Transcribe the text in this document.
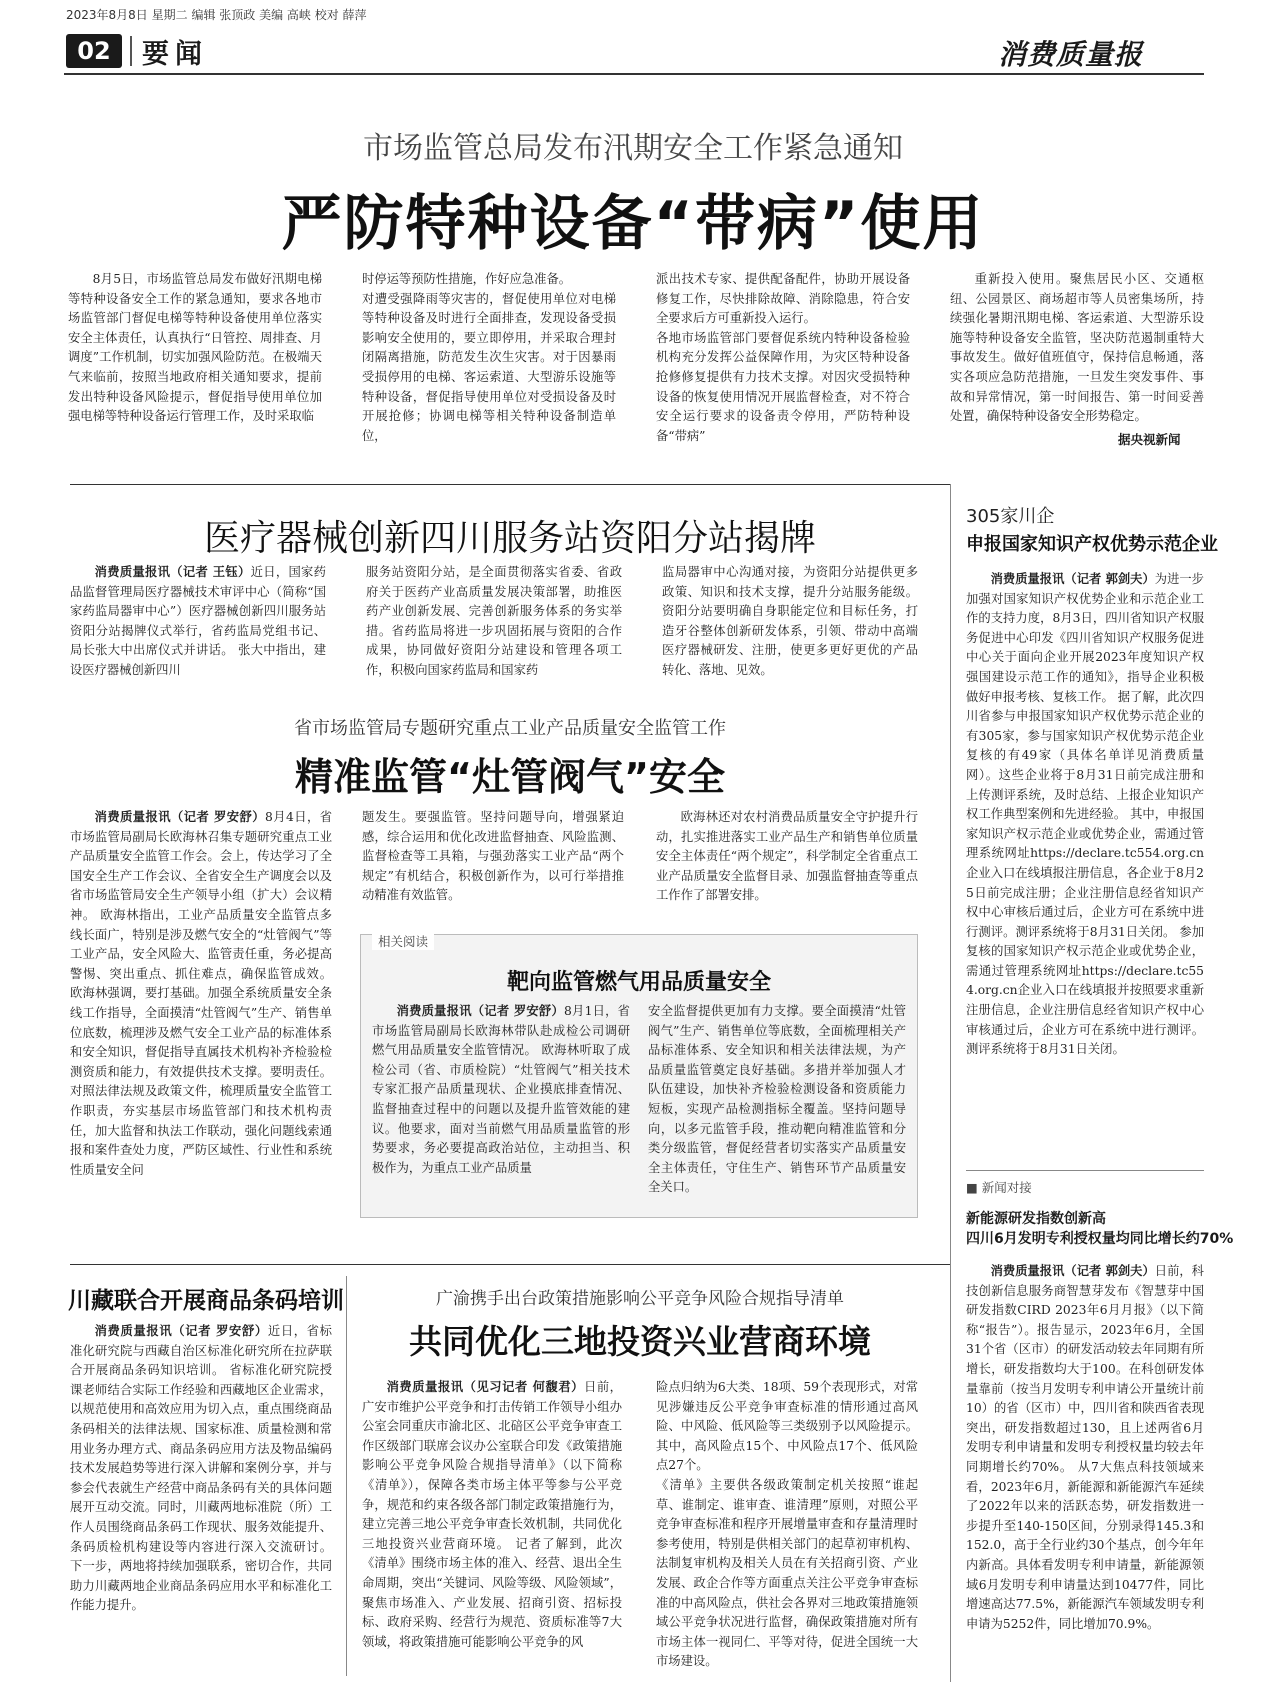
2023年8月8日 星期二 编辑 张顶政 美编 高峡 校对 薛萍
02	要闻	消费质量报
市场监管总局发布汛期安全工作紧急通知
严防特种设备“带病”使用

8月5日，市场监管总局发布做好汛期电梯等特种设备安全工作的紧急通知，要求各地市场监管部门督促电梯等特种设备使用单位落实安全主体责任，认真执行“日管控、周排查、月调度”工作机制，切实加强风险防范。在极端天气来临前，按照当地政府相关通知要求，提前发出特种设备风险提示，督促指导使用单位加强电梯等特种设备运行管理工作，及时采取临

时停运等预防性措施，作好应急准备。
对遭受强降雨等灾害的，督促使用单位对电梯等特种设备及时进行全面排查，发现设备受损影响安全使用的，要立即停用，并采取合理封闭隔离措施，防范发生次生灾害。对于因暴雨受损停用的电梯、客运索道、大型游乐设施等特种设备，督促指导使用单位对受损设备及时开展抢修；协调电梯等相关特种设备制造单位，
派出技术专家、提供配备配件，协助开展设备修复工作，尽快排除故障、消除隐患，符合安全要求后方可重新投入运行。
各地市场监管部门要督促系统内特种设备检验机构充分发挥公益保障作用，为灾区特种设备抢修修复提供有力技术支撑。对因灾受损特种设备的恢复使用情况开展监督检查，对不符合安全运行要求的设备责令停用，严防特种设备“带病”

重新投入使用。聚焦居民小区、交通枢纽、公园景区、商场超市等人员密集场所，持续强化暑期汛期电梯、客运索道、大型游乐设施等特种设备安全监管，坚决防范遏制重特大事故发生。做好值班值守，保持信息畅通，落实各项应急防范措施，一旦发生突发事件、事故和异常情况，第一时间报告、第一时间妥善处置，确保特种设备安全形势稳定。

据央视新闻
医疗器械创新四川服务站资阳分站揭牌

消费质量报讯（记者 王钰）近日，国家药品监督管理局医疗器械技术审评中心（简称“国家药监局器审中心”）医疗器械创新四川服务站资阳分站揭牌仪式举行，省药监局党组书记、局长张大中出席仪式并讲话。 张大中指出，建设医疗器械创新四川

服务站资阳分站，是全面贯彻落实省委、省政府关于医药产业高质量发展决策部署，助推医药产业创新发展、完善创新服务体系的务实举措。省药监局将进一步巩固拓展与资阳的合作成果，协同做好资阳分站建设和管理各项工作，积极向国家药监局和国家药
监局器审中心沟通对接，为资阳分站提供更多政策、知识和技术支撑，提升分站服务能级。资阳分站要明确自身职能定位和目标任务，打造牙谷整体创新研发体系，引领、带动中高端医疗器械研发、注册，使更多更好更优的产品转化、落地、见效。
省市场监管局专题研究重点工业产品质量安全监管工作
精准监管“灶管阀气”安全

消费质量报讯（记者 罗安舒）8月4日，省市场监管局副局长欧海林召集专题研究重点工业产品质量安全监管工作会。会上，传达学习了全国安全生产工作会议、全省安全生产调度会以及省市场监管局安全生产领导小组（扩大）会议精神。 欧海林指出，工业产品质量安全监管点多线长面广，特别是涉及燃气安全的“灶管阀气”等工业产品，安全风险大、监管责任重，务必提高警惕、突出重点、抓住难点，确保监管成效。 欧海林强调，要打基础。加强全系统质量安全条线工作指导，全面摸清“灶管阀气”生产、销售单位底数，梳理涉及燃气安全工业产品的标准体系和安全知识，督促指导直属技术机构补齐检验检测资质和能力，有效提供技术支撑。要明责任。对照法律法规及政策文件，梳理质量安全监管工作职责，夯实基层市场监管部门和技术机构责任，加大监督和执法工作联动，强化问题线索通报和案件查处力度，严防区域性、行业性和系统性质量安全问

题发生。要强监管。坚持问题导向，增强紧迫感，综合运用和优化改进监督抽查、风险监测、监督检查等工具箱，与强劲落实工业产品“两个规定”有机结合，积极创新作为，以可行举措推动精准有效监管。

欧海林还对农村消费品质量安全守护提升行动，扎实推进落实工业产品生产和销售单位质量安全主体责任“两个规定”，科学制定全省重点工业产品质量安全监督目录、加强监督抽查等重点工作作了部署安排。

相关阅读
靶向监管燃气用品质量安全

消费质量报讯（记者 罗安舒）8月1日，省市场监管局副局长欧海林带队赴成检公司调研燃气用品质量安全监管情况。 欧海林听取了成检公司（省、市质检院）“灶管阀气”相关技术专家汇报产品质量现状、企业摸底排查情况、监督抽查过程中的问题以及提升监管效能的建议。他要求，面对当前燃气用品质量监管的形势要求，务必要提高政治站位，主动担当、积极作为，为重点工业产品质量

安全监督提供更加有力支撑。要全面摸清“灶管阀气”生产、销售单位等底数，全面梳理相关产品标准体系、安全知识和相关法律法规，为产品质量监管奠定良好基础。多措并举加强人才队伍建设，加快补齐检验检测设备和资质能力短板，实现产品检测指标全覆盖。坚持问题导向，以多元监管手段，推动靶向精准监管和分类分级监管，督促经营者切实落实产品质量安全主体责任，守住生产、销售环节产品质量安全关口。
川藏联合开展商品条码培训

消费质量报讯（记者 罗安舒）近日，省标准化研究院与西藏自治区标准化研究所在拉萨联合开展商品条码知识培训。 省标准化研究院授课老师结合实际工作经验和西藏地区企业需求，以规范使用和高效应用为切入点，重点围绕商品条码相关的法律法规、国家标准、质量检测和常用业务办理方式、商品条码应用方法及物品编码技术发展趋势等进行深入讲解和案例分享，并与参会代表就生产经营中商品条码有关的具体问题展开互动交流。同时，川藏两地标准院（所）工作人员围绕商品条码工作现状、服务效能提升、条码质检机构建设等内容进行深入交流研讨。 下一步，两地将持续加强联系，密切合作，共同助力川藏两地企业商品条码应用水平和标准化工作能力提升。

广渝携手出台政策措施影响公平竞争风险合规指导清单
共同优化三地投资兴业营商环境

消费质量报讯（见习记者 何馥君）日前，广安市维护公平竞争和打击传销工作领导小组办公室会同重庆市渝北区、北碚区公平竞争审查工作区级部门联席会议办公室联合印发《政策措施影响公平竞争风险合规指导清单》（以下简称《清单》），保障各类市场主体平等参与公平竞争，规范和约束各级各部门制定政策措施行为，建立完善三地公平竞争审查长效机制，共同优化三地投资兴业营商环境。 记者了解到，此次《清单》围绕市场主体的准入、经营、退出全生命周期，突出“关键词、风险等级、风险领域”，聚焦市场准入、产业发展、招商引资、招标投标、政府采购、经营行为规范、资质标准等7大领域，将政策措施可能影响公平竞争的风

险点归纳为6大类、18项、59个表现形式，对常见涉嫌违反公平竞争审查标准的情形通过高风险、中风险、低风险等三类级别予以风险提示。其中，高风险点15个、中风险点17个、低风险点27个。
《清单》主要供各级政策制定机关按照“谁起草、谁制定、谁审查、谁清理”原则，对照公平竞争审查标准和程序开展增量审查和存量清理时参考使用，特别是供相关部门的起草初审机构、法制复审机构及相关人员在有关招商引资、产业发展、政企合作等方面重点关注公平竞争审查标准的中高风险点，供社会各界对三地政策措施领域公平竞争状况进行监督，确保政策措施对所有市场主体一视同仁、平等对待，促进全国统一大市场建设。
305家川企
申报国家知识产权优势示范企业

消费质量报讯（记者 郭剑夫）为进一步加强对国家知识产权优势企业和示范企业工作的支持力度，8月3日，四川省知识产权服务促进中心印发《四川省知识产权服务促进中心关于面向企业开展2023年度知识产权强国建设示范工作的通知》，指导企业积极做好申报考核、复核工作。 据了解，此次四川省参与申报国家知识产权优势示范企业的有305家，参与国家知识产权优势示范企业复核的有49家（具体名单详见消费质量网）。这些企业将于8月31日前完成注册和上传测评系统，及时总结、上报企业知识产权工作典型案例和先进经验。 其中，申报国家知识产权示范企业或优势企业，需通过管理系统网址https://declare.tc554.org.cn企业入口在线填报注册信息，各企业于8月25日前完成注册；企业注册信息经省知识产权中心审核后通过后，企业方可在系统中进行测评。测评系统将于8月31日关闭。 参加复核的国家知识产权示范企业或优势企业，需通过管理系统网址https://declare.tc554.org.cn企业入口在线填报并按照要求重新注册信息，企业注册信息经省知识产权中心审核通过后，企业方可在系统中进行测评。测评系统将于8月31日关闭。

■ 新闻对接
新能源研发指数创新高
四川6月发明专利授权量均同比增长约70%

消费质量报讯（记者 郭剑夫）日前，科技创新信息服务商智慧芽发布《智慧芽中国研发指数CIRD 2023年6月月报》（以下简称“报告”）。报告显示，2023年6月，全国31个省（区市）的研发活动较去年同期有所增长，研发指数均大于100。在科创研发体量靠前（按当月发明专利申请公开量统计前10）的省（区市）中，四川省和陕西省表现突出，研发指数超过130，且上述两省6月发明专利申请量和发明专利授权量均较去年同期增长约70%。 从7大焦点科技领域来看，2023年6月，新能源和新能源汽车延续了2022年以来的活跃态势，研发指数进一步提升至140-150区间，分别录得145.3和152.0，高于全行业约30个基点，创今年年内新高。具体看发明专利申请量，新能源领域6月发明专利申请量达到10477件，同比增速高达77.5%，新能源汽车领域发明专利申请为5252件，同比增加70.9%。
